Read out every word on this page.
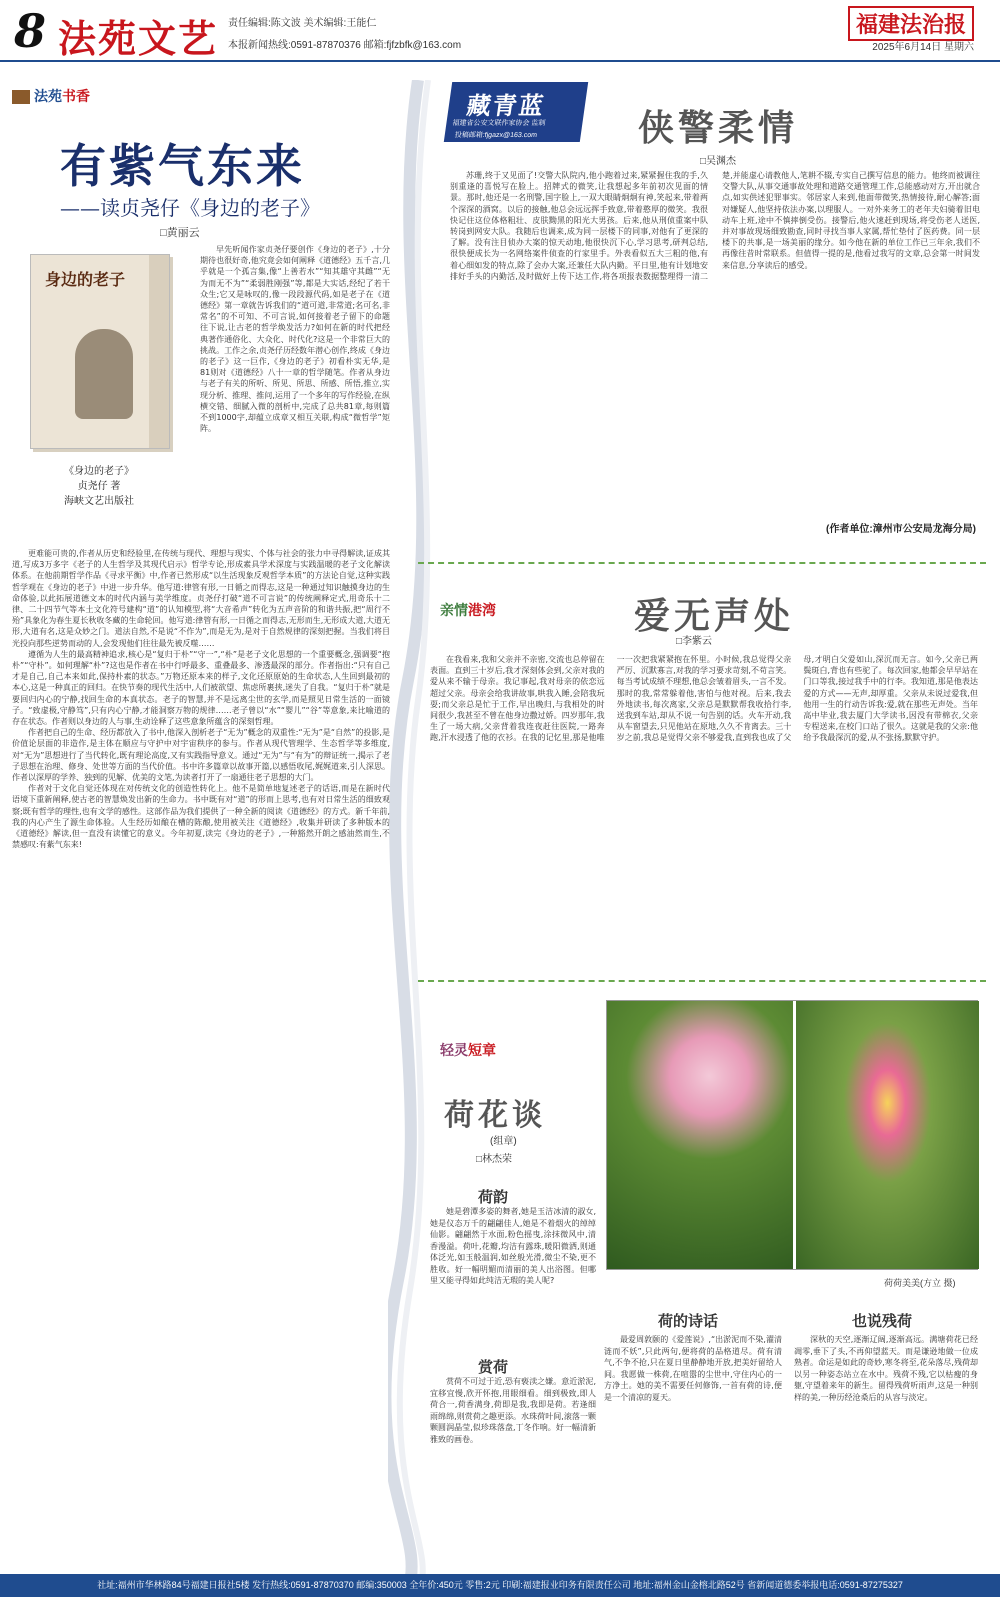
8 法苑文艺 责任编辑:陈文波 美术编辑:王能仁
本报新闻热线:0591-87870376 邮箱:fjfzbfk@163.com
福建法治报
2025年6月14日 星期六
法苑书香
有紫气东来
——读贞尧仔《身边的老子》
□黄丽云
身边的老子
《身边的老子》
贞尧仔 著
海峡文艺出版社

早先听闻作家贞尧仔要创作《身边的老子》,十分期待也很好奇,他究竟会如何阐释《道德经》五千言,几乎就是一个孤言集,像“上善若水”“知其雄守其雌”“无为而无不为”“柔弱胜刚强”等,都是大实话,经纪了若干众生;它又是咏叹的,像一段段源代码,如是老子在《道德经》第一章就告诉我们的“道可道,非常道;名可名,非常名”的不可知、不可言说,如何接着老子留下的命题往下说,让古老的哲学焕发活力?如何在新的时代把经典著作通俗化、大众化、时代化?这是一个非常巨大的挑战。工作之余,贞尧仔历经数年潜心创作,终成《身边的老子》这一巨作,《身边的老子》初看朴实无华,是81则对《道德经》八十一章的哲学随笔。作者从身边与老子有关的所听、所见、所思、所感、所悟,推立,实现分析、推理、推问,运用了一个多年的写作经验,在纵横交错、细腻入微的剖析中,完成了总共81章,每则篇不到1000字,却蕴立成章又相互关联,构成“微哲学”矩阵。

更难能可贵的,作者从历史和经验里,在传统与现代、理想与现实、个体与社会的张力中寻得解读,证成其道,写成3万多字《老子的人生哲学及其现代启示》哲学专论,形成素具学术深度与实践温暖的老子文化解读体系。在他前期哲学作品《寻求平衡》中,作者已然形成“以生活现象反观哲学本质”的方法论自觉,这种实践哲学观在《身边的老子》中进一步升华。他写道:律管有形,一日循之而得志,这是一种通过知识触摸身边的生命体验,以此拓展道德文本的时代内涵与美学维度。贞尧仔打破“道不可言说”的传统阐释定式,用奇乐十二律、二十四节气等本土文化符号建构“道”的认知模型,将“大音希声”转化为五声音阶的和谐共振,把“周行不殆”具象化为春生夏长秋收冬藏的生命轮回。他写道:律管有形,一日循之而得志,无形而生,无形成大道,大道无形,大道有名,这是众妙之门。道法自然,不是说“不作为”,而是无为,是对于自然规律的深刻把握。当我们将目光投向那些逆势而动的人,会发现他们往往最先被反噬……

遵循为人生的最高精神追求,核心是“复归于朴”“守一”,“朴”是老子文化思想的一个重要概念,强调要“抱朴”“守朴”。如何理解“朴”?这也是作者在书中行呼最多、重叠最多、渗透最深的部分。作者指出:“只有自己才是自己,自己本来如此,保持朴素的状态。”万物还原本来的样子,文化还原原始的生命状态,人生回到最初的本心,这是一种真正的回归。在快节奏的现代生活中,人们被欲望、焦虑所裹挟,迷失了自我。“复归于朴”就是要回归内心的宁静,找回生命的本真状态。老子的智慧,并不是远离尘世的玄学,而是照见日常生活的一面镜子。“致虚极,守静笃”,只有内心宁静,才能洞察万物的规律……老子曾以“水”“婴儿”“谷”等意象,来比喻道的存在状态。作者则以身边的人与事,生动诠释了这些意象所蕴含的深刻哲理。

作者把自己的生命、经历都放入了书中,他深入剖析老子“无为”概念的双重性:“无为”是“自然”的投影,是价值论层面的非造作,是主体在顺应与守护中对宇宙秩序的参与。作者从现代管理学、生态哲学等多维度,对“无为”思想进行了当代转化,既有理论高度,又有实践指导意义。通过“无为”与“有为”的辩证统一,揭示了老子思想在治理、修身、处世等方面的当代价值。书中许多篇章以故事开篇,以感悟收尾,娓娓道来,引人深思。作者以深厚的学养、独到的见解、优美的文笔,为读者打开了一扇通往老子思想的大门。

作者对于文化自觉还体现在对传统文化的创造性转化上。他不是简单地复述老子的话语,而是在新时代语境下重新阐释,使古老的智慧焕发出新的生命力。书中既有对“道”的形而上思考,也有对日常生活的细致观察;既有哲学的理性,也有文学的感性。这部作品为我们提供了一种全新的阅读《道德经》的方式。新千年前,我的内心产生了源生命体验。人生经历如酿在槽的陈酿,使用被关注《道德经》,收集并研读了多种版本的《道德经》解读,但一直没有读懂它的意义。今年初夏,读完《身边的老子》,一种豁然开朗之感油然而生,不禁感叹:有紫气东来!

藏青蓝
福建省公安文联作家协会 监制
投稿邮箱:fjgazx@163.com	侠警柔情
□吴渊杰

苏珊,终于又见面了!交警大队院内,他小跑着过来,紧紧握住我的手,久别重逢的喜悦写在脸上。招牌式的微笑,让我想起多年前初次见面的情景。那时,他还是一名刑警,国字脸上,一双大眼睛炯炯有神,笑起来,带着两个深深的酒窝。以后的接触,他总会远远挥手致意,带着憨厚的微笑。我很快记住这位体格粗壮、皮肤黝黑的阳光大男孩。后来,他从刑侦重案中队转岗到网安大队。我随后也调来,成为同一层楼下的同事,对他有了更深的了解。没有注目侦办大案的惊天动地,他很快沉下心,学习思考,研判总结,很快便成长为一名网络案件侦查的行家里手。外表看似五大三粗的他,有着心细如发的特点,除了会办大案,还兼任大队内勤。平日里,他有计划地安排好手头的内勤活,及时做好上传下达工作,将各项报表数据整理得一清二楚,并能虚心请教他人,笔耕不辍,专实自己撰写信息的能力。他终而被调往交警大队,从事交通事故处理和道路交通管理工作,总能感动对方,开出就合点,如实供述犯罪事实。邻居家人来到,他面带微笑,热情接待,耐心解答;面对嫌疑人,他坚持依法办案,以理服人。一对外来务工的老年夫妇骑着旧电动车上班,途中不慎摔倒受伤。接警后,他火速赶到现场,将受伤老人送医,并对事故现场细致勘查,同时寻找当事人家属,帮忙垫付了医药费。同一层楼下的共事,是一场美丽的缘分。如今他在新的单位工作已三年余,我们不再像往昔时常联系。但值得一提的是,他看过我写的文章,总会第一时间发来信息,分享读后的感受。

(作者单位:漳州市公安局龙海分局)
亲情港湾	爱无声处
□李紫云

在我看来,我和父亲并不亲密,交流也总停留在表面。直到三十岁后,我才深刻体会到,父亲对我的爱从来不输于母亲。我记事起,我对母亲的依恋远超过父亲。母亲会给我讲故事,哄我入睡,会陪我玩耍;而父亲总是忙于工作,早出晚归,与我相处的时间很少,我甚至不曾在他身边撒过娇。四岁那年,我生了一场大病,父亲背着我连夜赶往医院,一路奔跑,汗水浸透了他的衣衫。在我的记忆里,那是他唯一一次把我紧紧抱在怀里。小时候,我总觉得父亲严厉、沉默寡言,对我的学习要求苛刻,不苟言笑。每当考试成绩不理想,他总会皱着眉头,一言不发。那时的我,常常躲着他,害怕与他对视。后来,我去外地读书,每次离家,父亲总是默默帮我收拾行李,送我到车站,却从不说一句告别的话。火车开动,我从车窗望去,只见他站在原地,久久不肯离去。三十岁之前,我总是觉得父亲不够爱我,直到我也成了父母,才明白父爱如山,深沉而无言。如今,父亲已两鬓斑白,背也有些驼了。每次回家,他都会早早站在门口等我,接过我手中的行李。我知道,那是他表达爱的方式——无声,却厚重。父亲从未说过爱我,但他用一生的行动告诉我:爱,就在那些无声处。当年高中毕业,我去厦门大学读书,因没有带棉衣,父亲专程送来,在校门口站了很久。这就是我的父亲:他给予我最深沉的爱,从不张扬,默默守护。

轻灵短章
荷花谈
(组章)
□林杰荣
荷荷美美(方立 摄)
荷韵

她是碧潭多姿的舞者,她是玉洁冰清的淑女,她是仪态万千的翩翩佳人,她是不着烟火的绰绰仙影。翩翩然于水面,粉色摇曳,涂抹微风中,清香漫溢。荷叶,花瓣,均洁有露珠,暖阳微洒,则通体泛光,如玉般温润,如丝般光滑,微尘不染,更不胜收。好一幅明媚而清丽的美人出浴图。但哪里又能寻得如此纯洁无瑕的美人呢?

赏荷

赏荷不可过于近,恐有亵渎之嫌。意近淤泥,宜移宜慢,欣开怀抱,用眼细看。细到极致,即人荷合一,荷香满身,荷即是我,我即是荷。若逢细雨绵绵,则赏荷之趣更添。水珠荷叶间,滚落一颗颗圆润晶莹,似珍珠落盘,丁冬作响。好一幅清新雅致的画卷。

荷的诗话

最爱周敦颐的《爱莲说》,“出淤泥而不染,濯清涟而不妖”,只此两句,便将荷的品格道尽。荷有清气,不争不抢,只在夏日里静静地开放,把美好留给人间。我愿做一株荷,在喧嚣的尘世中,守住内心的一方净土。她的美不需要任何修饰,一首有荷的诗,便是一个清凉的夏天。

也说残荷

深秋的天空,逐渐辽阔,逐渐高远。满塘荷花已经凋零,垂下了头,不再仰望蓝天。而是谦逊地做一位成熟者。命运是如此的奇妙,寒冬将至,花朵落尽,残荷却以另一种姿态站立在水中。残荷不残,它以枯瘦的身躯,守望着来年的新生。留得残荷听雨声,这是一种别样的美,一种历经沧桑后的从容与淡定。

社址:福州市华林路84号福建日报社5楼 发行热线:0591-87870370 邮编:350003 全年价:450元 零售:2元 印刷:福建报业印务有限责任公司 地址:福州金山金榕北路52号 省新闻道德委举报电话:0591-87275327
